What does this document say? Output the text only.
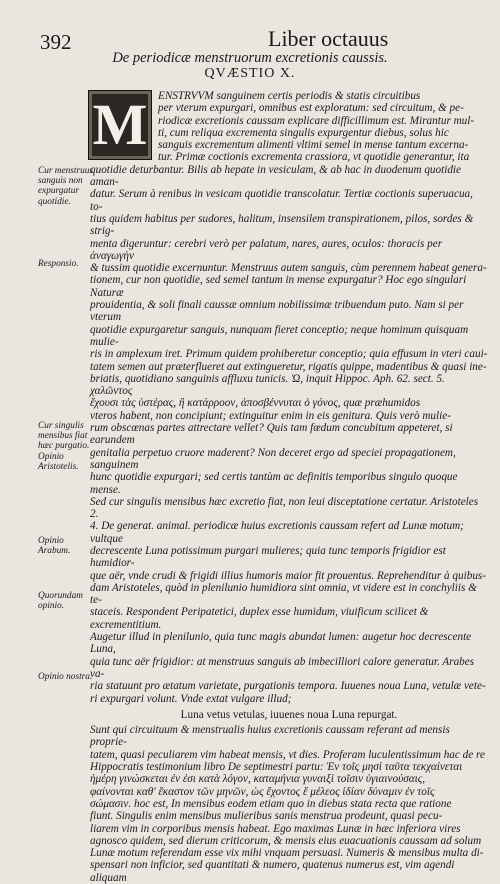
392	Liber octauus
De periodicæ menstruorum excretionis caussis.
QVÆSTIO X.
M
Cur menstruus sanguis non expurgatur quotidie.
Responsio.
Cur singulis mensibus fiat hæc purgatio. Opinio Aristotelis.
Opinio Arabum.
Quorundam opinio.
Opinio nostra.
ENSTRVVM sanguinem certis periodis & statis circuitibus
per vterum expurgari, omnibus est exploratum: sed circuitum, & pe-
riodicæ excretionis caussam explicare difficillimum est. Mirantur mul-
ti, cum reliqua excrementa singulis expurgentur diebus, solus hic
sanguis excrementum alimenti vltimi semel in mense tantum excerna-
tur. Primæ coctionis excrementa crassiora, vt quotidie generantur, ita
quotidie deturbantur. Bilis ab hepate in vesiculam, & ab hac in duodenum quotidie aman-
datur. Serum à renibus in vesicam quotidie transcolatur. Tertiæ coctionis superuacua, to-
tius quidem habitus per sudores, halitum, insensilem transpirationem, pilos, sordes & strig-
menta digeruntur: cerebri verò per palatum, nares, aures, oculos: thoracis per ἀναγωγὴν
& tussim quotidie excernuntur. Menstruus autem sanguis, cùm perennem habeat genera-
tionem, cur non quotidie, sed semel tantum in mense expurgatur? Hoc ego singulari Naturæ
prouidentia, & soli finali caussæ omnium nobilissimæ tribuendum puto. Nam si per vterum
quotidie expurgaretur sanguis, nunquam fieret conceptio; neque hominum quisquam mulie-
ris in amplexum iret. Primum quidem prohiberetur conceptio; quia effusum in vteri caui-
tatem semen aut præterflueret aut extingueretur, rigatis quippe, madentibus & quasi ine-
briatis, quotidiano sanguinis affluxu tunicis. Ὡ, inquit Hippoc. Aph. 62. sect. 5. χαλῶντος
ἔχουσι τὰς ὑστέρας, ἢ κατάρροον, ἀποσβέννυται ὁ γόνος, quæ præhumidos
vteros habent, non concipiunt; extinguitur enim in eis genitura. Quis verò mulie-
rum obscœnas partes attrectare vellet? Quis tam fœdum concubitum appeteret, si earundem
genitalia perpetuo cruore maderent? Non deceret ergo ad speciei propagationem, sanguinem
hunc quotidie expurgari; sed certis tantùm ac definitis temporibus singulo quoque mense.
Sed cur singulis mensibus hæc excretio fiat, non leui disceptatione certatur. Aristoteles 2.
4. De generat. animal. periodicæ huius excretionis caussam refert ad Lunæ motum; vultque
decrescente Luna potissimum purgari mulieres; quia tunc temporis frigidior est humidior-
que aër, vnde crudi & frigidi illius humoris maior fit prouentus. Reprehenditur à quibus-
dam Aristoteles, quòd in plenilunio humidiora sint omnia, vt videre est in conchyliis & te-
staceis. Respondent Peripatetici, duplex esse humidum, viuificum scilicet & excrementitium.
Augetur illud in plenilunio, quia tunc magis abundat lumen: augetur hoc decrescente Luna,
quia tunc aër frigidior: at menstruus sanguis ab imbecilliori calore generatur. Arabes va-
ria statuunt pro ætatum varietate, purgationis tempora. Iuuenes noua Luna, vetulæ vete-
ri expurgari volunt. Vnde extat vulgare illud;
Luna vetus vetulas, iuuenes noua Luna repurgat.
Sunt qui circuituum & menstrualis huius excretionis caussam referant ad mensis proprie-
tatem, quasi peculiarem vim habeat mensis, vt dies. Proferam luculentissimum hac de re
Hippocratis testimonium libro De septimestri partu: Ἐν τοῖς μησὶ ταῦτα τεκχαίνεται
ἡμέρη γινώσκεται ἐν ἐσι κατὰ λόγον, καταμήνια γυναιξὶ τοῖσιν ὑγιαινούσαις,
φαίνονται καθ' ἕκαστον τῶν μηνῶν, ὡς ἔχοντος ἕ μέλεος ἰδίαν δύναμιν ἐν τοῖς
σώμασιν. hoc est, In mensibus eodem etiam quo in diebus stata recta que ratione
fiunt. Singulis enim mensibus mulieribus sanis menstrua prodeunt, quasi pecu-
liarem vim in corporibus mensis habeat. Ego maximas Lunæ in hæc inferiora vires
agnosco quidem, sed dierum criticorum, & mensis eius euacuationis caussam ad solum
Lunæ motum referendam esse vix mihi vnquam persuasi. Numeris & mensibus multa di-
spensari non inficior, sed quantitati & numero, quatenus numerus est, vim agendi aliquam
